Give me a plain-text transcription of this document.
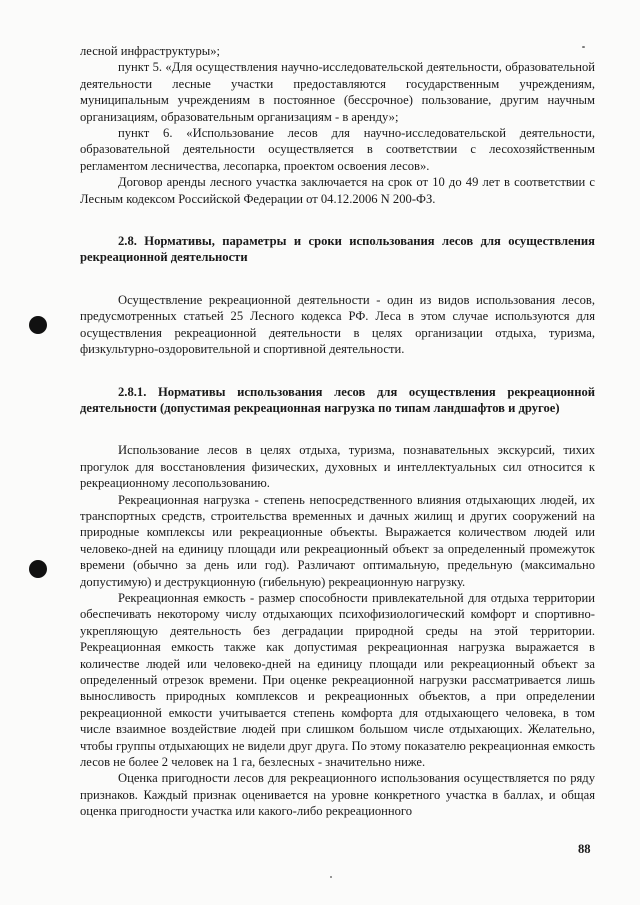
лесной инфраструктуры»;

пункт 5. «Для осуществления научно-исследовательской деятельности, образовательной деятельности лесные участки предоставляются государственным учреждениям, муниципальным учреждениям в постоянное (бессрочное) пользование, другим научным организациям, образовательным организациям - в аренду»;

пункт 6. «Использование лесов для научно-исследовательской деятельности, образовательной деятельности осуществляется в соответствии с лесохозяйственным регламентом лесничества, лесопарка, проектом освоения лесов».

Договор аренды лесного участка заключается на срок от 10 до 49 лет в соответствии с Лесным кодексом Российской Федерации от 04.12.2006 N 200-ФЗ.

2.8. Нормативы, параметры и сроки использования лесов для осуществления рекреационной деятельности

Осуществление рекреационной деятельности - один из видов использования лесов, предусмотренных статьей 25 Лесного кодекса РФ. Леса в этом случае используются для осуществления рекреационной деятельности в целях организации отдыха, туризма, физкультурно-оздоровительной и спортивной деятельности.

2.8.1. Нормативы использования лесов для осуществления рекреационной деятельности (допустимая рекреационная нагрузка по типам ландшафтов и другое)

Использование лесов в целях отдыха, туризма, познавательных экскурсий, тихих прогулок для восстановления физических, духовных и интеллектуальных сил относится к рекреационному лесопользованию.

Рекреационная нагрузка - степень непосредственного влияния отдыхающих людей, их транспортных средств, строительства временных и дачных жилищ и других сооружений на природные комплексы или рекреационные объекты. Выражается количеством людей или человеко-дней на единицу площади или рекреационный объект за определенный промежуток времени (обычно за день или год). Различают оптимальную, предельную (максимально допустимую) и деструкционную (гибельную) рекреационную нагрузку.

Рекреационная емкость - размер способности привлекательной для отдыха территории обеспечивать некоторому числу отдыхающих психофизиологический комфорт и спортивно-укрепляющую деятельность без деградации природной среды на этой территории. Рекреационная емкость также как допустимая рекреационная нагрузка выражается в количестве людей или человеко-дней на единицу площади или рекреационный объект за определенный отрезок времени. При оценке рекреационной нагрузки рассматривается лишь выносливость природных комплексов и рекреационных объектов, а при определении рекреационной емкости учитывается степень комфорта для отдыхающего человека, в том числе взаимное воздействие людей при слишком большом числе отдыхающих. Желательно, чтобы группы отдыхающих не видели друг друга. По этому показателю рекреационная емкость лесов не более 2 человек на 1 га, безлесных - значительно ниже.

Оценка пригодности лесов для рекреационного использования осуществляется по ряду признаков. Каждый признак оценивается на уровне конкретного участка в баллах, и общая оценка пригодности участка или какого-либо рекреационного

88
